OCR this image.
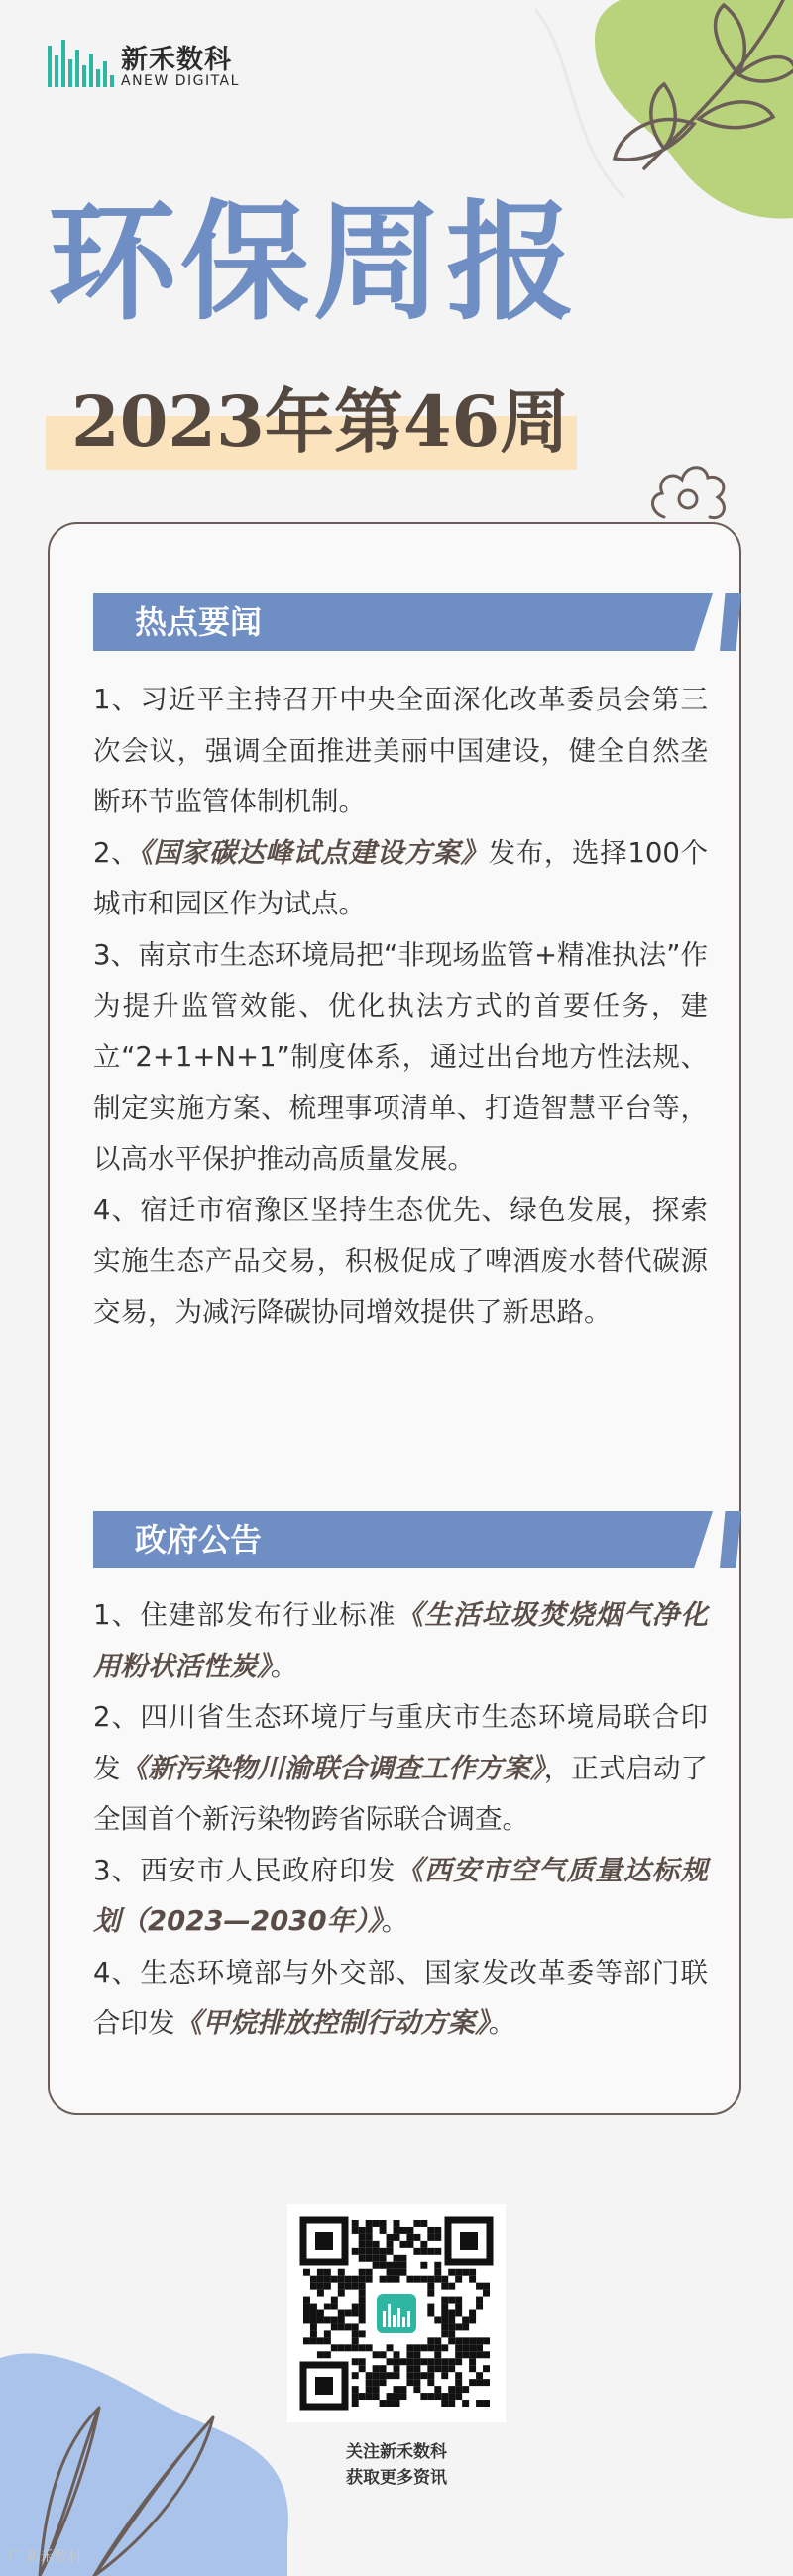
新禾数科
ANEW DIGITAL
环保周报
2023年第46周
热点要闻
1、习近平主持召开中央全面深化改革委员会第三次会议，强调全面推进美丽中国建设，健全自然垄断环节监管体制机制。
2、《国家碳达峰试点建设方案》发布，选择100个城市和园区作为试点。
3、南京市生态环境局把“非现场监管+精准执法”作为提升监管效能、优化执法方式的首要任务，建立“2+1+N+1”制度体系，通过出台地方性法规、制定实施方案、梳理事项清单、打造智慧平台等，以高水平保护推动高质量发展。
4、宿迁市宿豫区坚持生态优先、绿色发展，探索实施生态产品交易，积极促成了啤酒废水替代碳源交易，为减污降碳协同增效提供了新思路。
政府公告
1、住建部发布行业标准《生活垃圾焚烧烟气净化用粉状活性炭》。
2、四川省生态环境厅与重庆市生态环境局联合印发《新污染物川渝联合调查工作方案》，正式启动了全国首个新污染物跨省际联合调查。
3、西安市人民政府印发《西安市空气质量达标规划（2023—2030年）》。
4、生态环境部与外交部、国家发改革委等部门联合印发《甲烷排放控制行动方案》。
关注新禾数科
获取更多资讯
广 新禾数科
